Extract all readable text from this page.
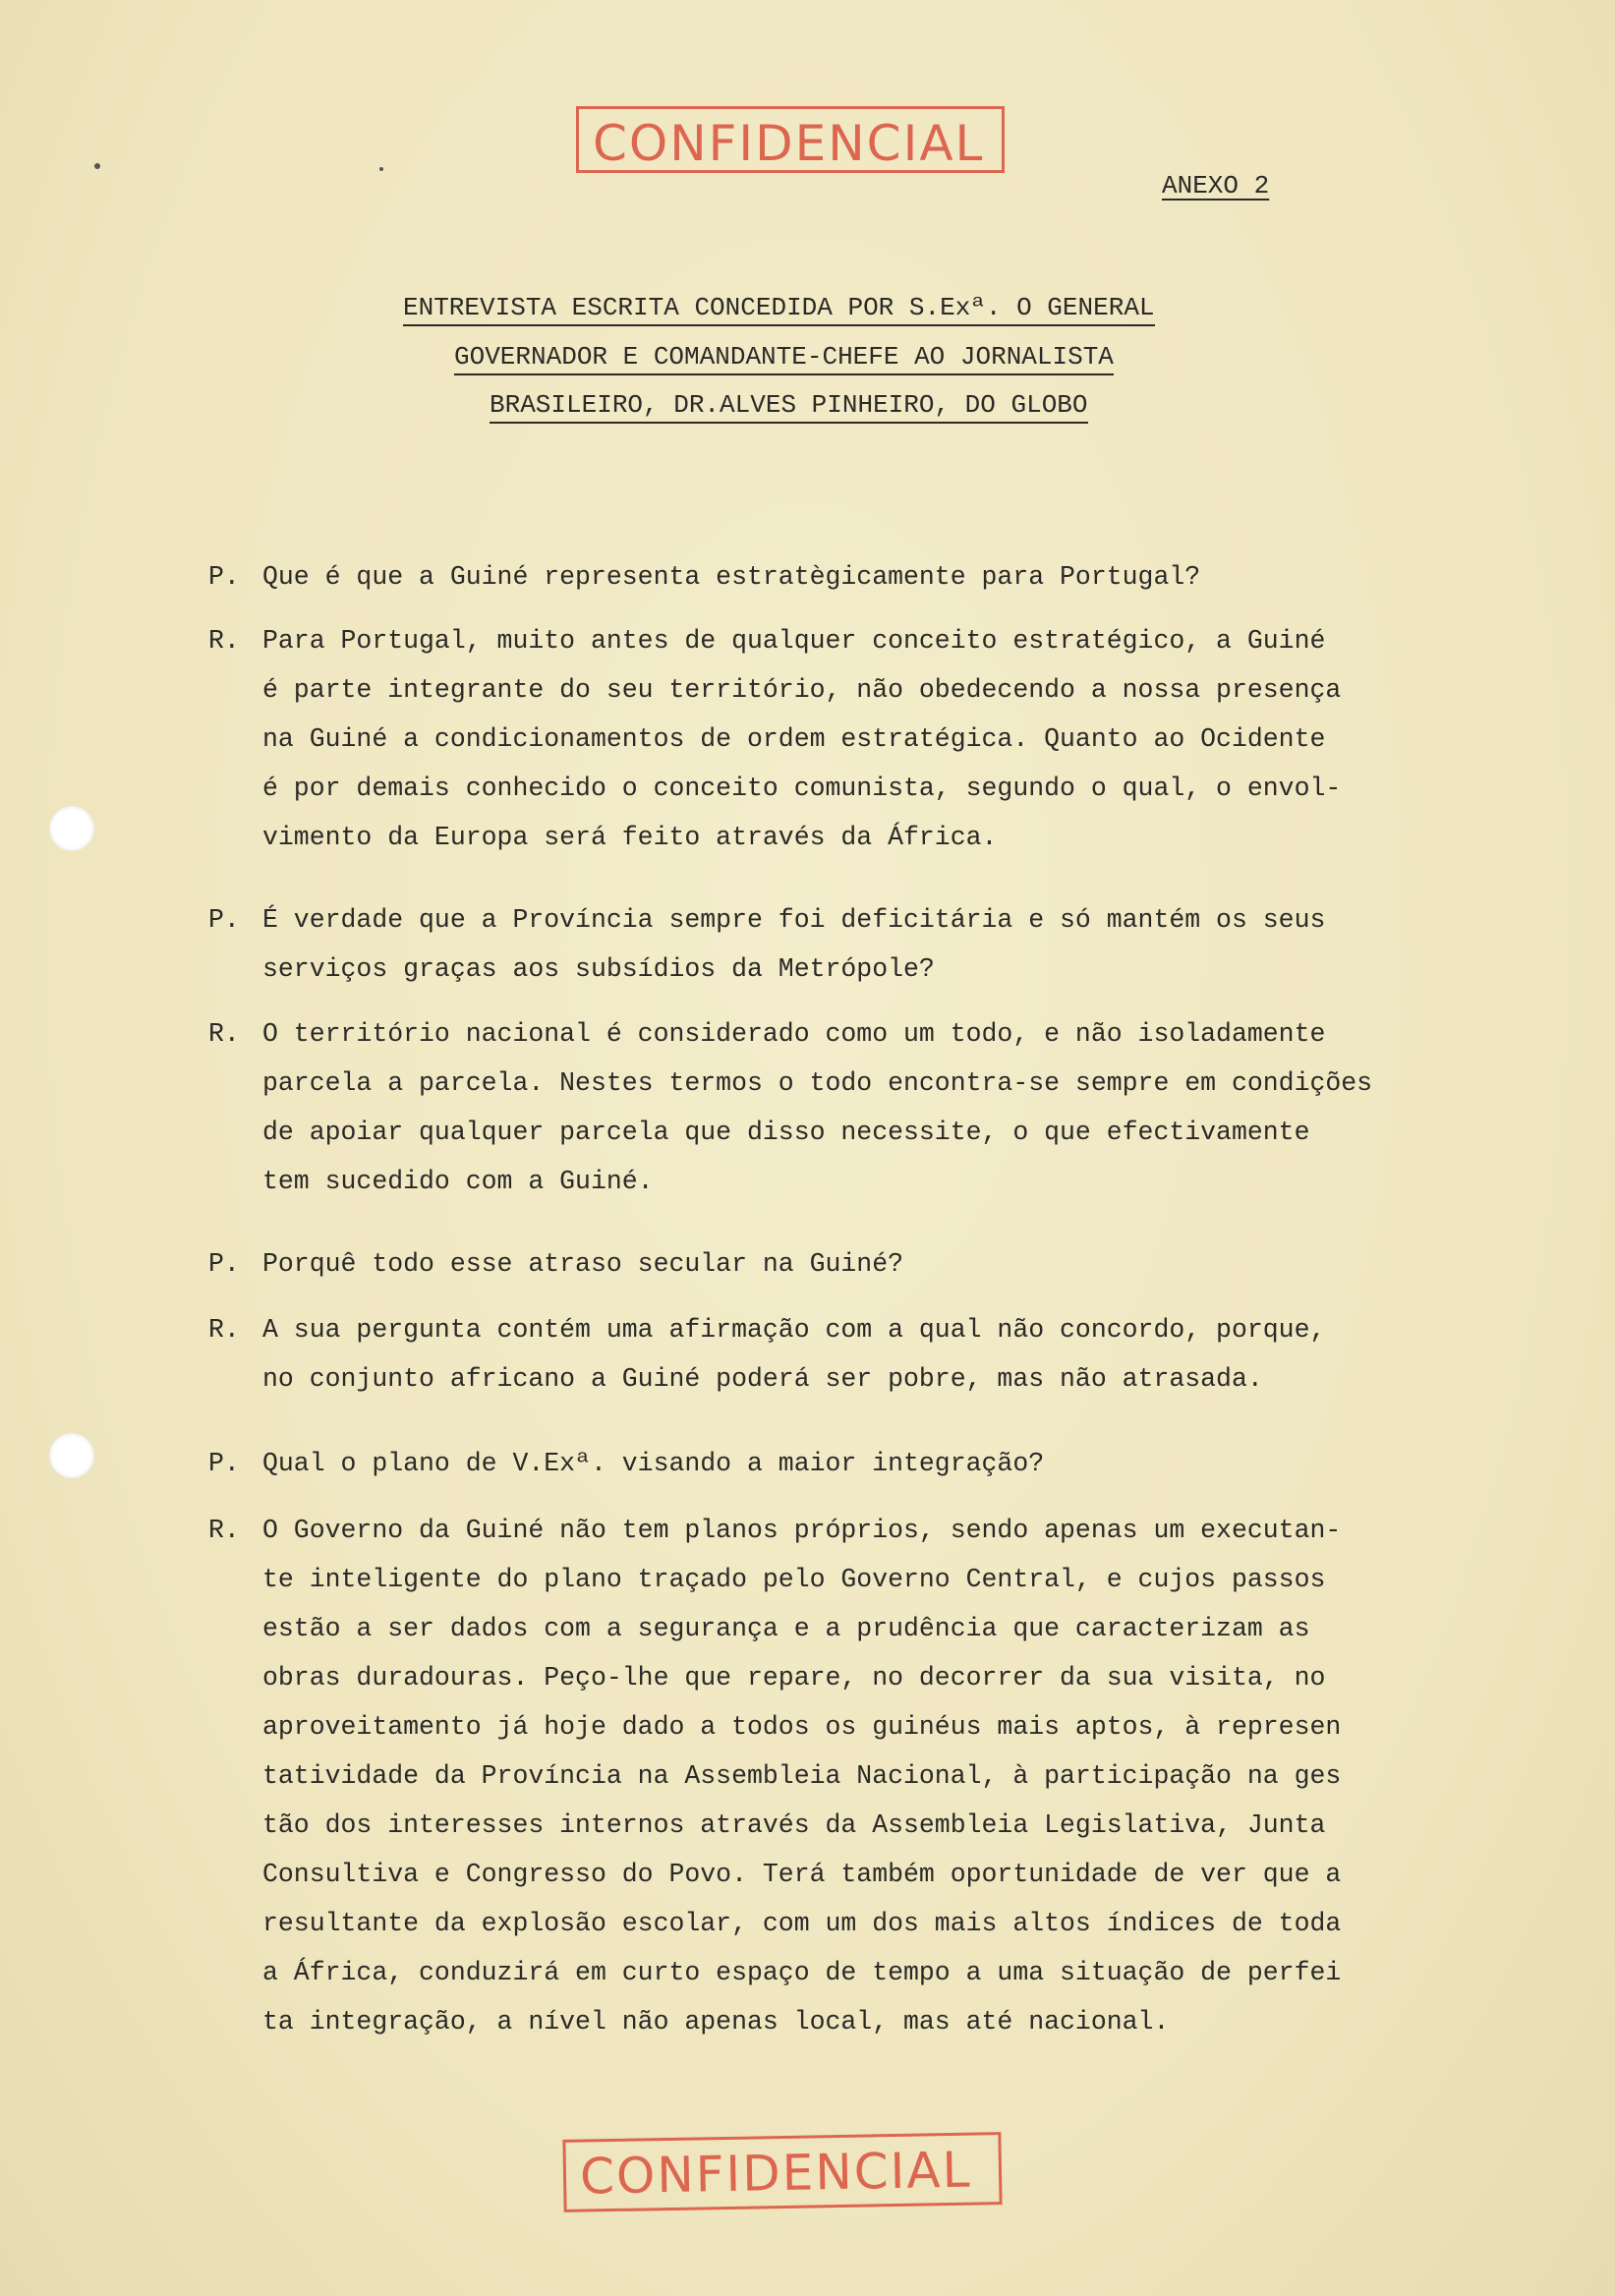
CONFIDENCIAL
CONFIDENCIAL
ANEXO 2
ENTREVISTA ESCRITA CONCEDIDA POR S.Exª. O GENERAL
GOVERNADOR E COMANDANTE-CHEFE AO JORNALISTA
BRASILEIRO, DR.ALVES PINHEIRO, DO GLOBO
P. Que é que a Guiné representa estratègicamente para Portugal?
R. Para Portugal, muito antes de qualquer conceito estratégico, a Guiné
é parte integrante do seu território, não obedecendo a nossa presença
na Guiné a condicionamentos de ordem estratégica. Quanto ao Ocidente
é por demais conhecido o conceito comunista, segundo o qual, o envol-
vimento da Europa será feito através da África.
P. É verdade que a Província sempre foi deficitária e só mantém os seus
serviços graças aos subsídios da Metrópole?
R. O território nacional é considerado como um todo, e não isoladamente
parcela a parcela. Nestes termos o todo encontra-se sempre em condições
de apoiar qualquer parcela que disso necessite, o que efectivamente
tem sucedido com a Guiné.
P. Porquê todo esse atraso secular na Guiné?
R. A sua pergunta contém uma afirmação com a qual não concordo, porque,
no conjunto africano a Guiné poderá ser pobre, mas não atrasada.
P. Qual o plano de V.Exª. visando a maior integração?
R. O Governo da Guiné não tem planos próprios, sendo apenas um executan-
te inteligente do plano traçado pelo Governo Central, e cujos passos
estão a ser dados com a segurança e a prudência que caracterizam as
obras duradouras. Peço-lhe que repare, no decorrer da sua visita, no
aproveitamento já hoje dado a todos os guinéus mais aptos, à represen
tatividade da Província na Assembleia Nacional, à participação na ges
tão dos interesses internos através da Assembleia Legislativa, Junta
Consultiva e Congresso do Povo. Terá também oportunidade de ver que a
resultante da explosão escolar, com um dos mais altos índices de toda
a África, conduzirá em curto espaço de tempo a uma situação de perfei
ta integração, a nível não apenas local, mas até nacional.
